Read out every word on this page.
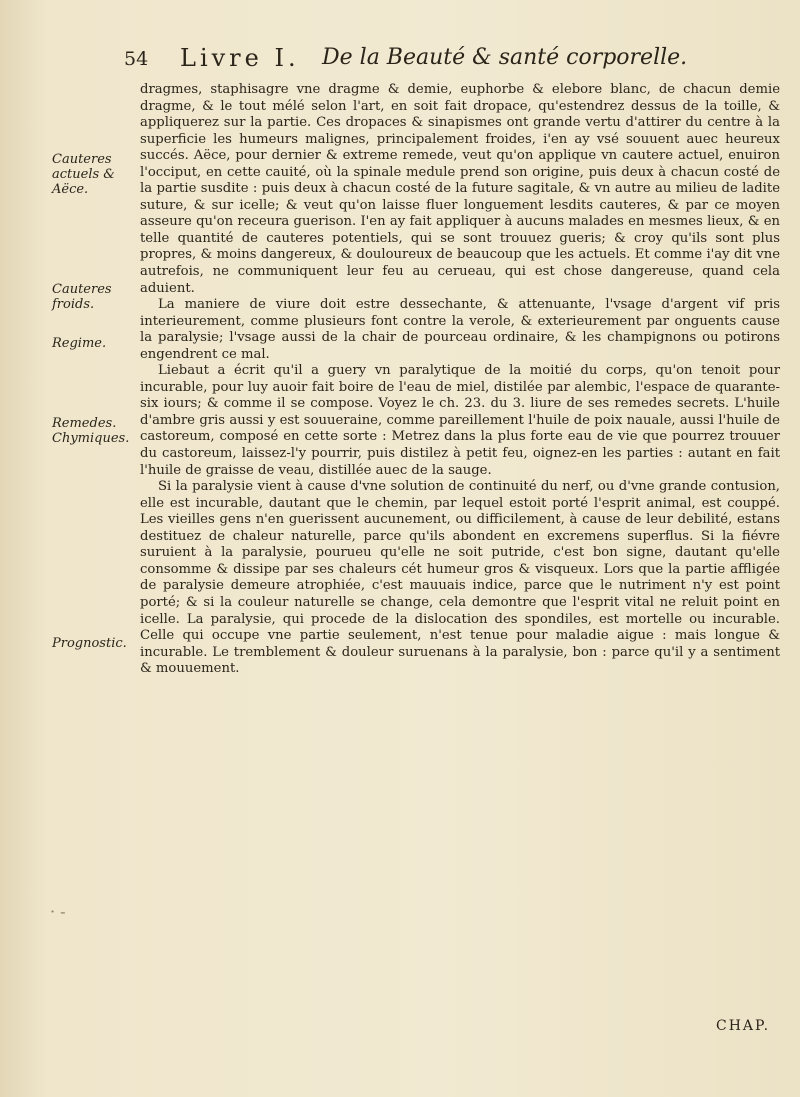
54 Livre I. De la Beauté & santé corporelle.
Cauteres actuels & Aëce.
Cauteres froids.
Regime.
Remedes. Chymiques.
Prognostic.

dragmes, staphisagre vne dragme & demie, euphorbe & elebore blanc, de chacun demie dragme, & le tout mélé selon l'art, en soit fait dropace, qu'estendrez dessus de la toille, & appliquerez sur la partie. Ces dropaces & sinapismes ont grande vertu d'attirer du centre à la superficie les humeurs malignes, principalement froides, i'en ay vsé souuent auec heureux succés. Aëce, pour dernier & extreme remede, veut qu'on applique vn cautere actuel, enuiron l'occiput, en cette cauité, où la spinale medule prend son origine, puis deux à chacun costé de la partie susdite : puis deux à chacun costé de la future sagitale, & vn autre au milieu de ladite suture, & sur icelle; & veut qu'on laisse fluer longuement lesdits cauteres, & par ce moyen asseure qu'on receura guerison. I'en ay fait appliquer à aucuns malades en mesmes lieux, & en telle quantité de cauteres potentiels, qui se sont trouuez gueris; & croy qu'ils sont plus propres, & moins dangereux, & douloureux de beaucoup que les actuels. Et comme i'ay dit vne autrefois, ne communiquent leur feu au cerueau, qui est chose dangereuse, quand cela aduient.

La maniere de viure doit estre dessechante, & attenuante, l'vsage d'argent vif pris interieurement, comme plusieurs font contre la verole, & exterieurement par onguents cause la paralysie; l'vsage aussi de la chair de pourceau ordinaire, & les champignons ou potirons engendrent ce mal.

Liebaut a écrit qu'il a guery vn paralytique de la moitié du corps, qu'on tenoit pour incurable, pour luy auoir fait boire de l'eau de miel, distilée par alembic, l'espace de quarante-six iours; & comme il se compose. Voyez le ch. 23. du 3. liure de ses remedes secrets. L'huile d'ambre gris aussi y est souueraine, comme pareillement l'huile de poix nauale, aussi l'huile de castoreum, composé en cette sorte : Metrez dans la plus forte eau de vie que pourrez trouuer du castoreum, laissez-l'y pourrir, puis distilez à petit feu, oignez-en les parties : autant en fait l'huile de graisse de veau, distillée auec de la sauge.

Si la paralysie vient à cause d'vne solution de continuité du nerf, ou d'vne grande contusion, elle est incurable, dautant que le chemin, par lequel estoit porté l'esprit animal, est couppé. Les vieilles gens n'en guerissent aucunement, ou difficilement, à cause de leur debilité, estans destituez de chaleur naturelle, parce qu'ils abondent en excremens superflus. Si la fiévre suruient à la paralysie, pourueu qu'elle ne soit putride, c'est bon signe, dautant qu'elle consomme & dissipe par ses chaleurs cét humeur gros & visqueux. Lors que la partie affligée de paralysie demeure atrophiée, c'est mauuais indice, parce que le nutriment n'y est point porté; & si la couleur naturelle se change, cela demontre que l'esprit vital ne reluit point en icelle. La paralysie, qui procede de la dislocation des spondiles, est mortelle ou incurable. Celle qui occupe vne partie seulement, n'est tenue pour maladie aigue : mais longue & incurable. Le tremblement & douleur suruenans à la paralysie, bon : parce qu'il y a sentiment & mouuement.

· -
CHAP.
